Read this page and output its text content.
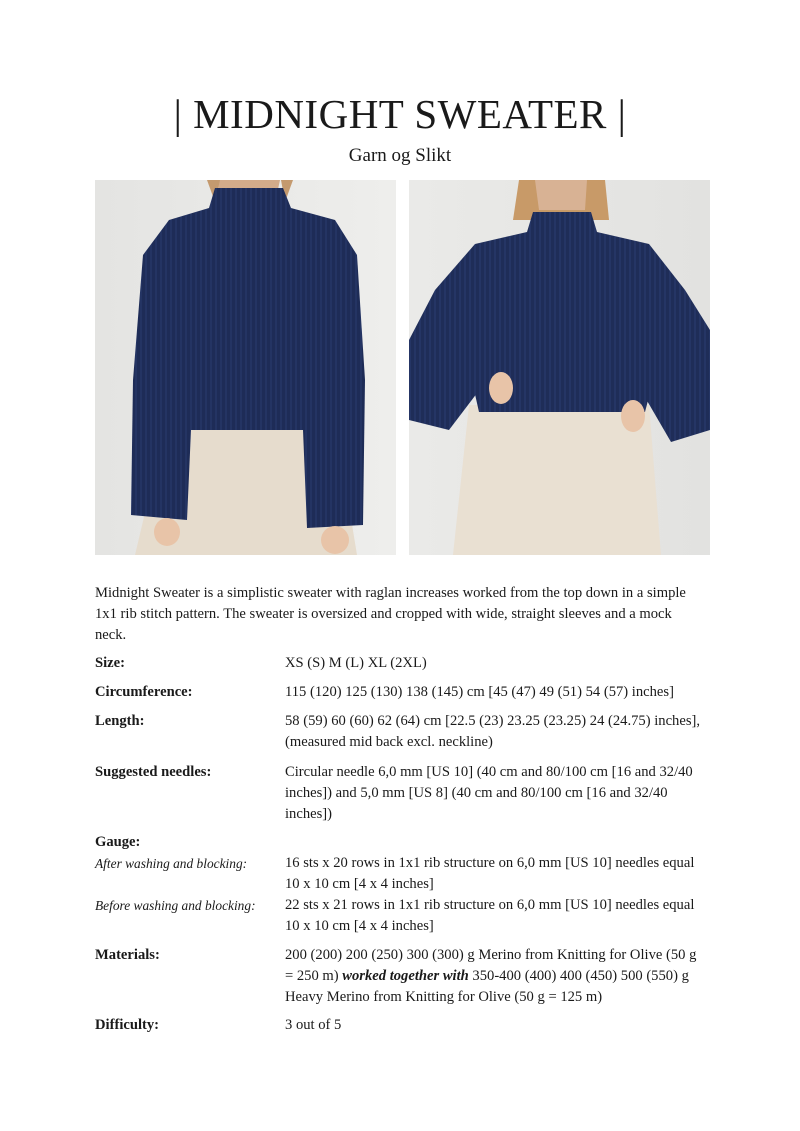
| MIDNIGHT SWEATER |
Garn og Slikt
Midnight Sweater is a simplistic sweater with raglan increases worked from the top down in a simple 1x1 rib stitch pattern. The sweater is oversized and cropped with wide, straight sleeves and a mock neck.
Size:	XS (S) M (L) XL (2XL)
Circumference:	115 (120) 125 (130) 138 (145) cm [45 (47) 49 (51) 54 (57) inches]
Length:	58 (59) 60 (60) 62 (64) cm [22.5 (23) 23.25 (23.25) 24 (24.75) inches], (measured mid back excl. neckline)
Suggested needles:	Circular needle 6,0 mm [US 10] (40 cm and 80/100 cm [16 and 32/40 inches]) and 5,0 mm [US 8] (40 cm and 80/100 cm [16 and 32/40 inches])
Gauge:
After washing and blocking:	16 sts x 20 rows in 1x1 rib structure on 6,0 mm [US 10] needles equal 10 x 10 cm [4 x 4 inches]
Before washing and blocking: 22 sts x 21 rows in 1x1 rib structure on 6,0 mm [US 10] needles equal 10 x 10 cm [4 x 4 inches]
Materials:	200 (200) 200 (250) 300 (300) g Merino from Knitting for Olive (50 g = 250 m) worked together with 350-400 (400) 400 (450) 500 (550) g Heavy Merino from Knitting for Olive (50 g = 125 m)
Difficulty:	3 out of 5
